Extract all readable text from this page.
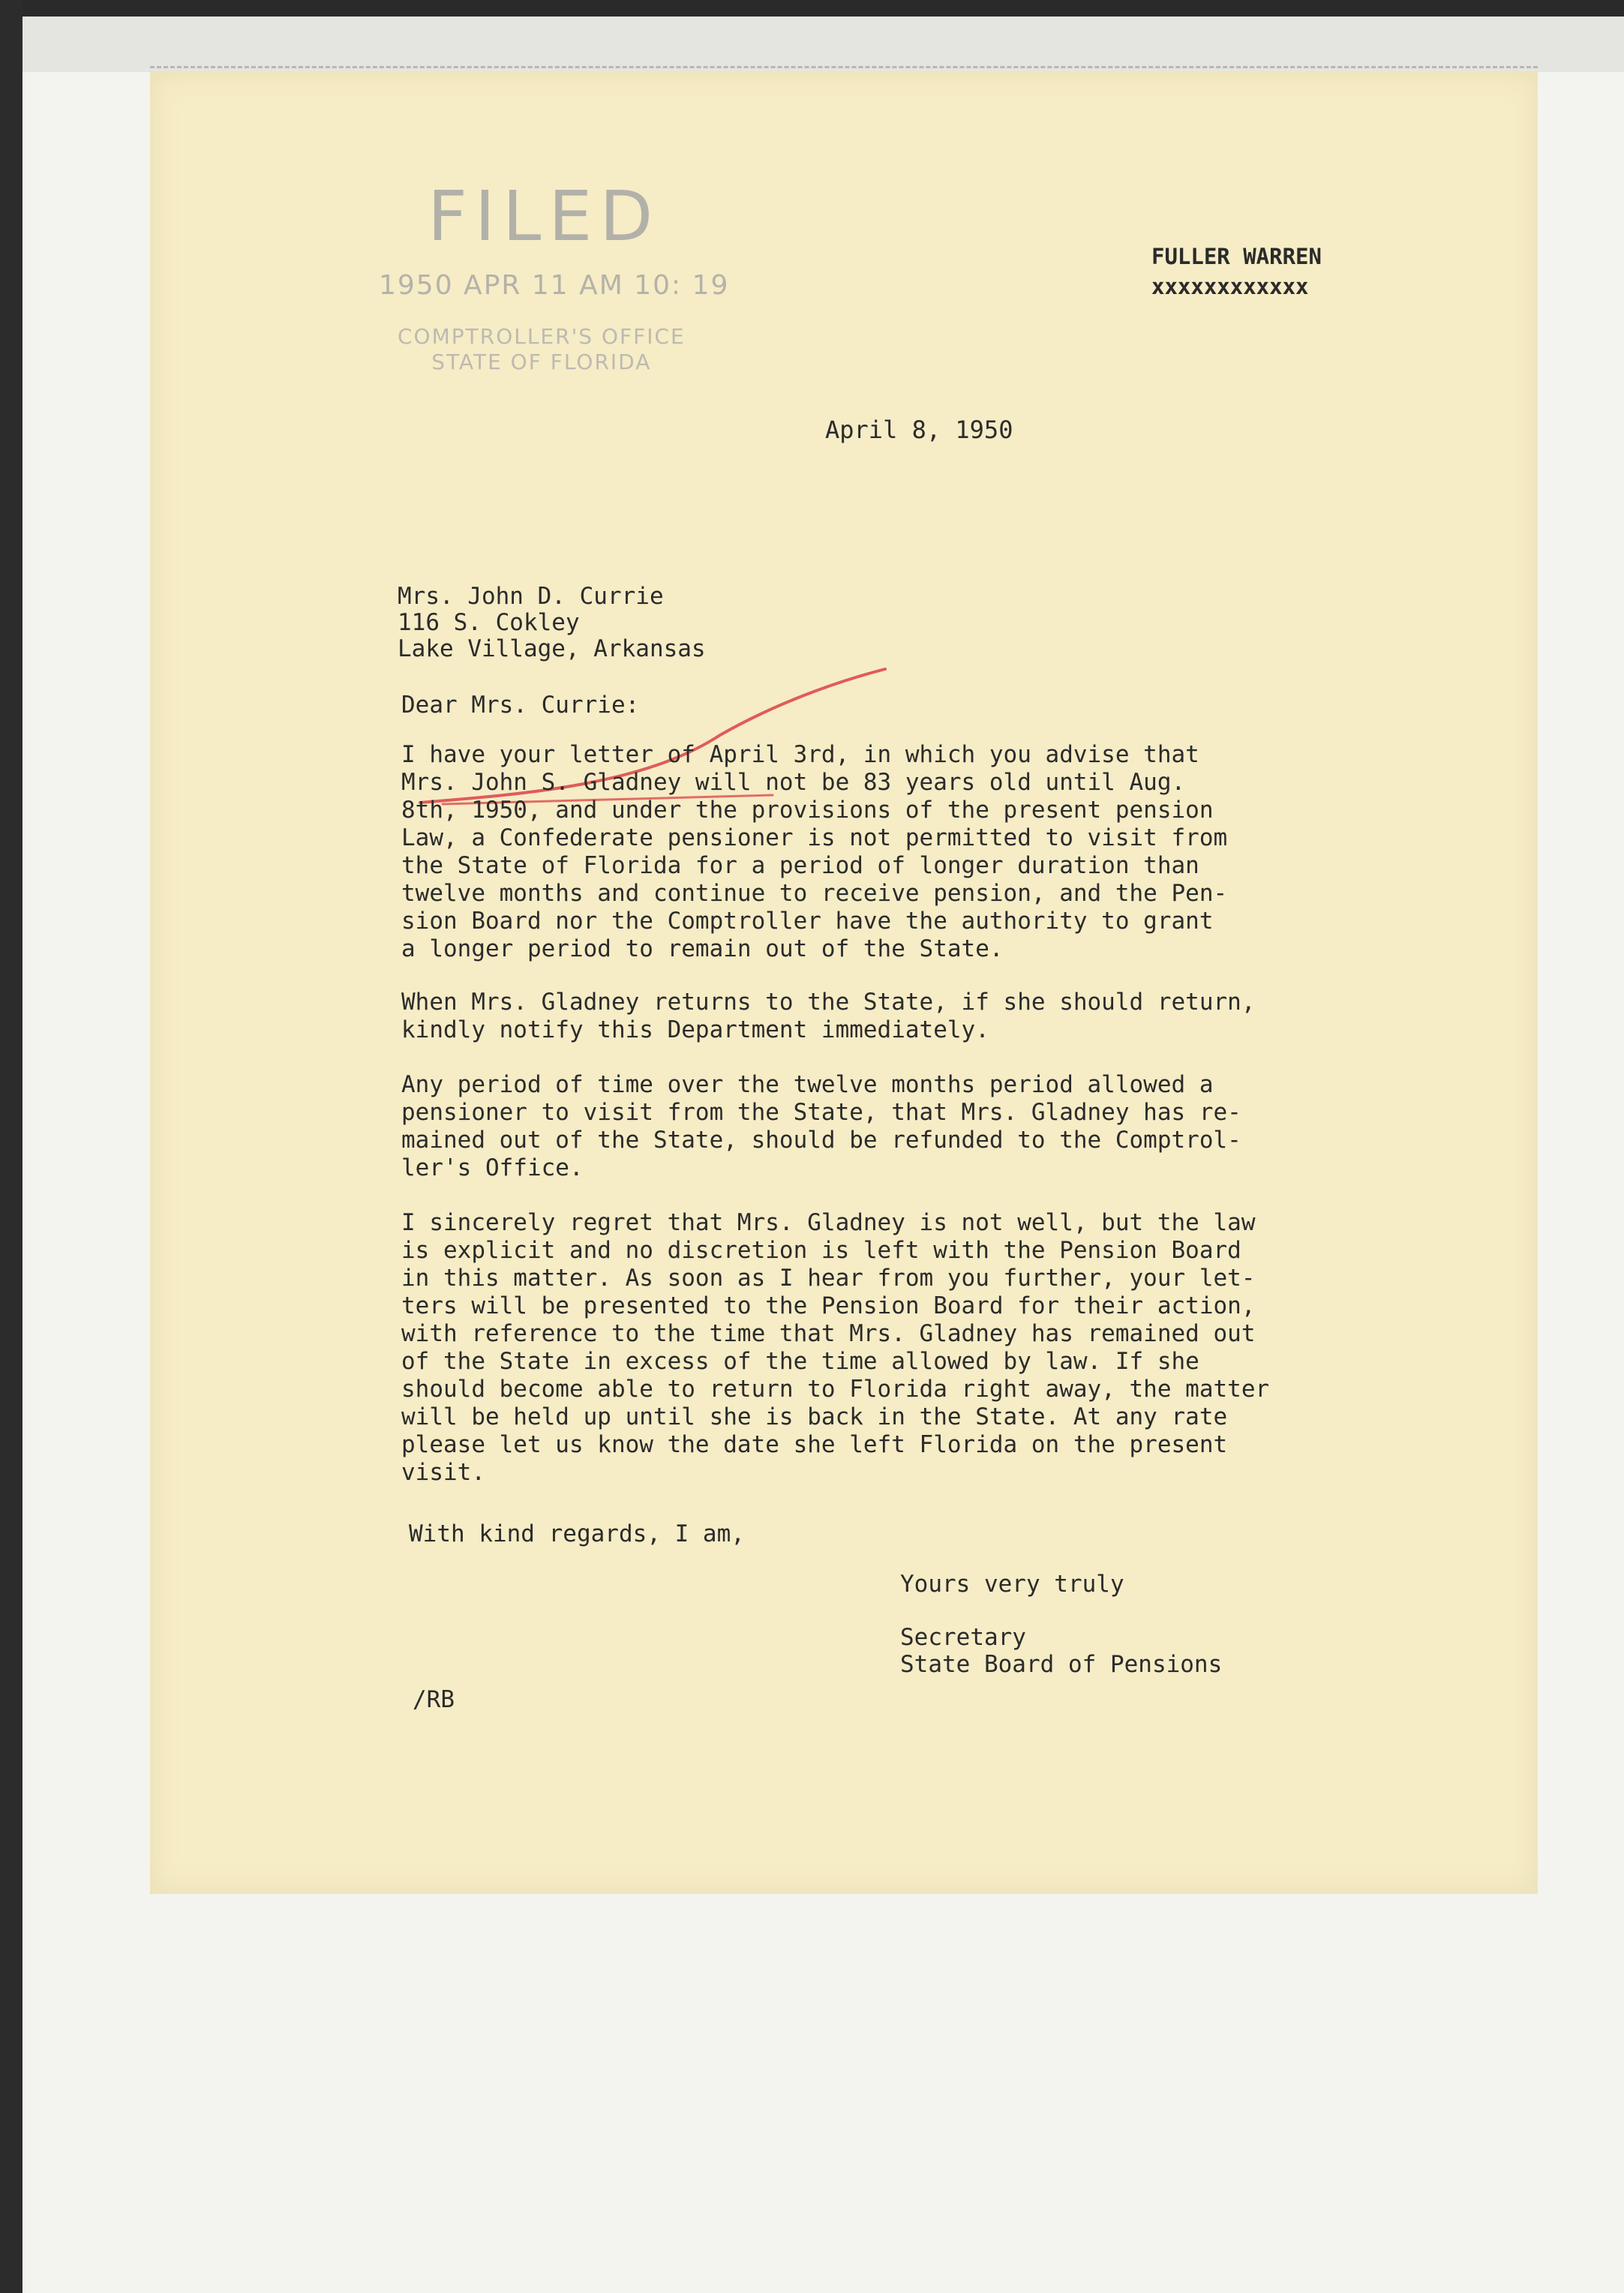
FILED
1950 APR 11 AM 10: 19
COMPTROLLER'S OFFICE
STATE OF FLORIDA
FULLER WARREN
xxxxxxxxxxxx
April 8, 1950
Mrs. John D. Currie
116 S. Cokley
Lake Village, Arkansas
Dear Mrs. Currie:
I have your letter of April 3rd, in which you advise that
Mrs. John S. Gladney will not be 83 years old until Aug.
8th, 1950, and under the provisions of the present pension
Law, a Confederate pensioner is not permitted to visit from
the State of Florida for a period of longer duration than
twelve months and continue to receive pension, and the Pen-
sion Board nor the Comptroller have the authority to grant
a longer period to remain out of the State.
When Mrs. Gladney returns to the State, if she should return,
kindly notify this Department immediately.
Any period of time over the twelve months period allowed a
pensioner to visit from the State, that Mrs. Gladney has re-
mained out of the State, should be refunded to the Comptrol-
ler's Office.
I sincerely regret that Mrs. Gladney is not well, but the law
is explicit and no discretion is left with the Pension Board
in this matter. As soon as I hear from you further, your let-
ters will be presented to the Pension Board for their action,
with reference to the time that Mrs. Gladney has remained out
of the State in excess of the time allowed by law. If she
should become able to return to Florida right away, the matter
will be held up until she is back in the State. At any rate
please let us know the date she left Florida on the present
visit.
With kind regards, I am,
Yours very truly
Secretary
State Board of Pensions
/RB
